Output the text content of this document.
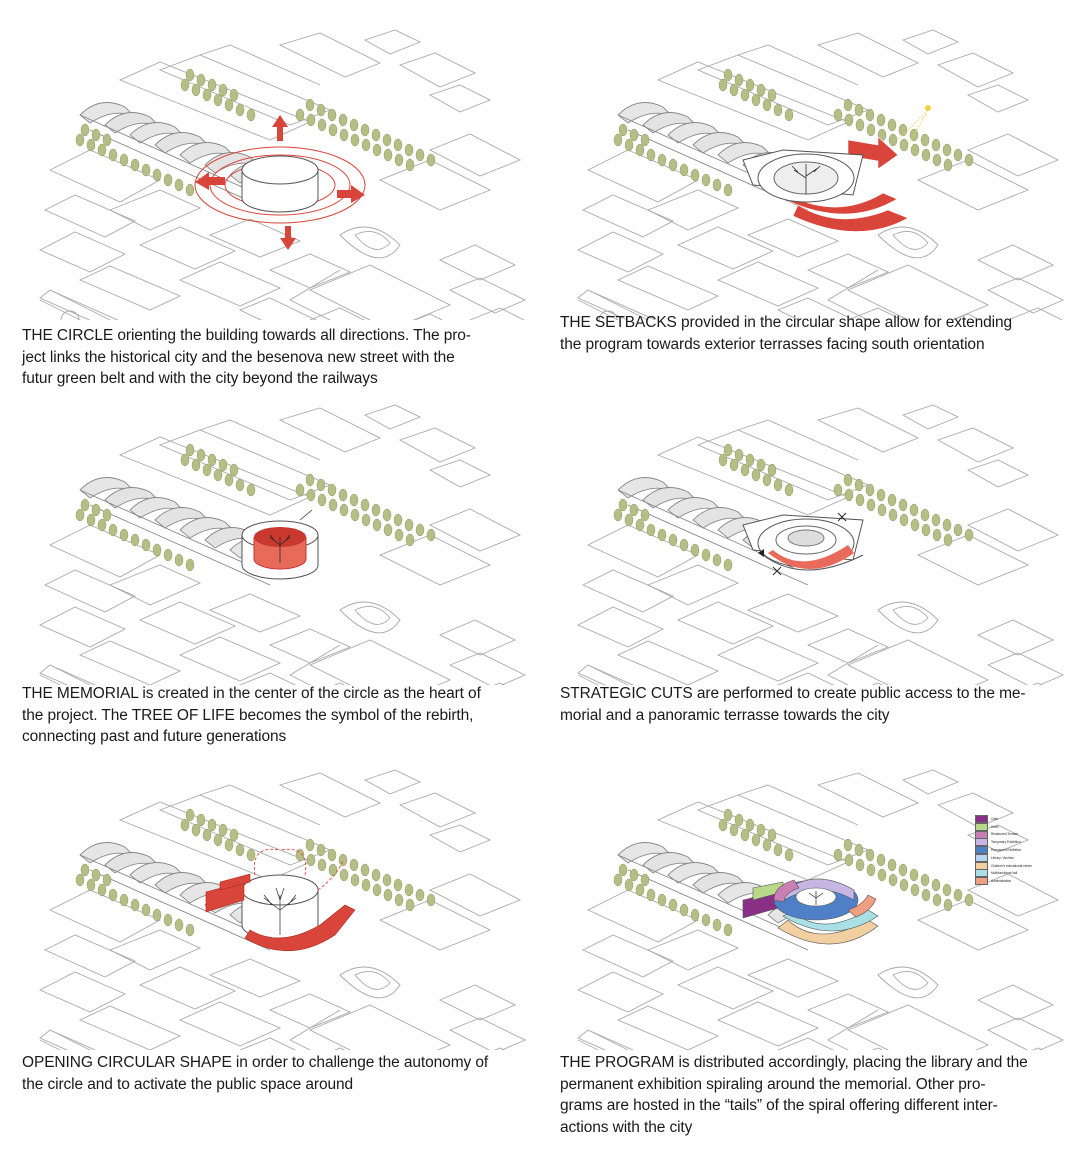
THE CIRCLE orienting the building towards all directions. The pro-
ject links the historical city and the besenova new street with the
futur green belt and with the city beyond the railways

THE SETBACKS provided in the circular shape allow for extending
the program towards exterior terrasses facing south orientation

THE MEMORIAL is created in the center of the circle as the heart of
the project. The TREE OF LIFE becomes the symbol of the rebirth,
connecting past and future generations

STRATEGIC CUTS are performed to create public access to the me-
morial and a panoramic terrasse towards the city

OPENING CIRCULAR SHAPE in order to challenge the autonomy of
the circle and to activate the public space around

Cafe
Hotel
Restaurant Terrace
Temporary Exhibition
Permanent Exhibition
Library / Archive
Children's educational center
Multifunctional hall
Administration

THE PROGRAM is distributed accordingly, placing the library and the
permanent exhibition spiraling around the memorial. Other pro-
grams are hosted in the “tails” of the spiral offering different inter-
actions with the city
